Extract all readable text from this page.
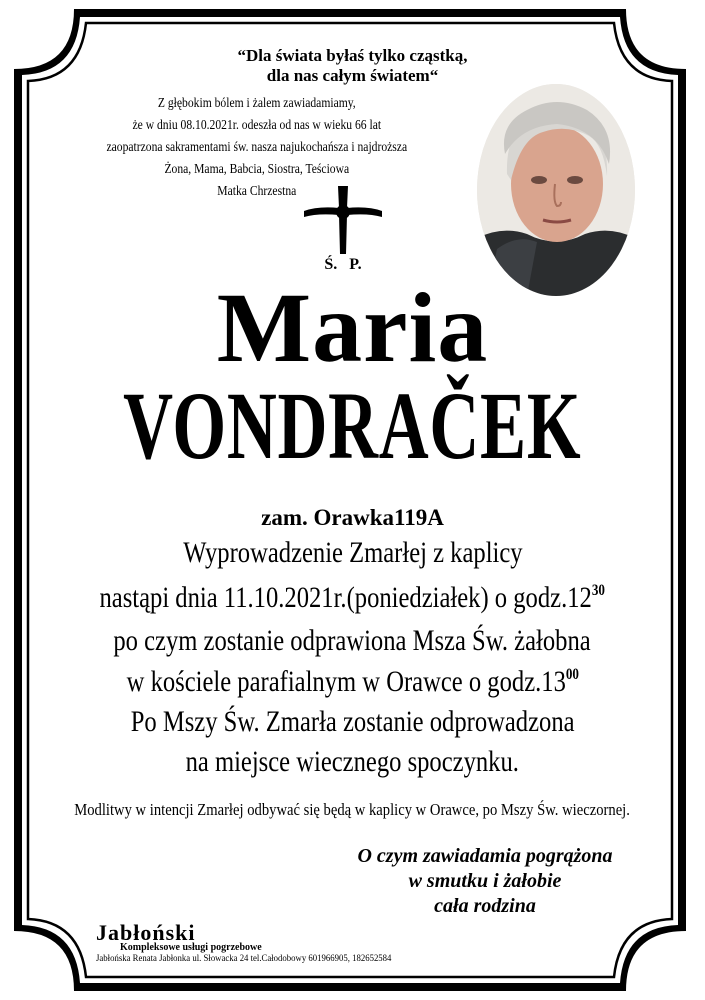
“Dla świata byłaś tylko cząstką,
dla nas całym światem“
Z głębokim bólem i żalem zawiadamiamy,
że w dniu 08.10.2021r. odeszła od nas w wieku 66 lat
zaopatrzona sakramentami św. nasza najukochańsza i najdroższa
Żona, Mama, Babcia, Siostra, Teściowa
Matka Chrzestna
Ś.   P.
Maria
VONDRAČEK
zam. Orawka119A
Wyprowadzenie Zmarłej z kaplicy
nastąpi dnia 11.10.2021r.(poniedziałek) o $godz.12^{30}$
po czym zostanie odprawiona Msza Św. żałobna
w kościele parafialnym w Orawce o $godz.13^{00}$
Po Mszy Św. Zmarła zostanie odprowadzona
na miejsce wiecznego spoczynku.
Modlitwy w intencji Zmarłej odbywać się będą w kaplicy w Orawce, po Mszy Św. wieczornej.
O czym zawiadamia pogrążona
w smutku i żałobie
cała rodzina
Jabłoński
Kompleksowe usługi pogrzebowe
Jabłońska Renata Jabłonka ul. Słowacka 24 tel.Całodobowy 601966905, 182652584
